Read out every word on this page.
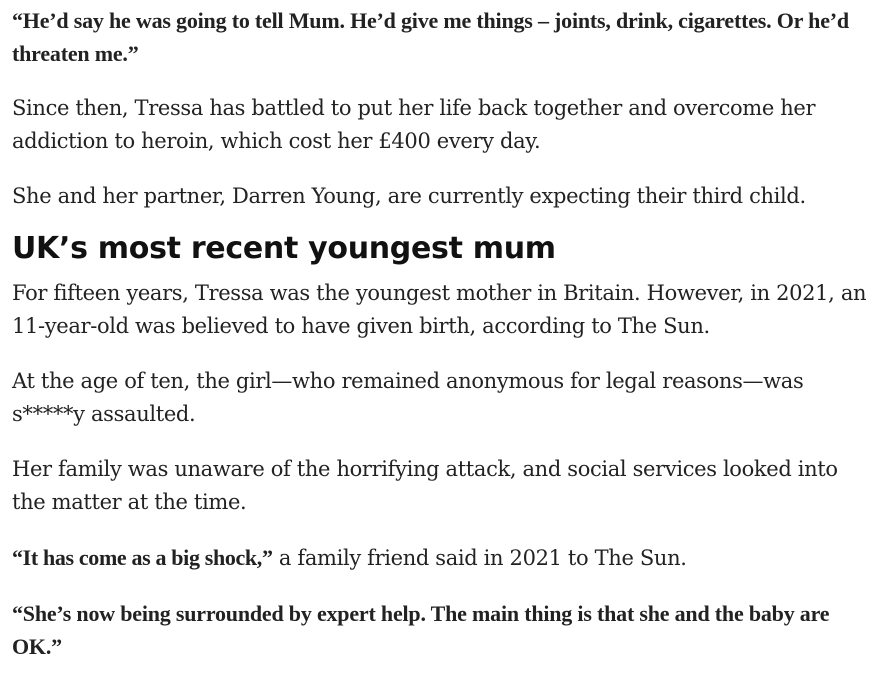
“He’d say he was going to tell Mum. He’d give me things – joints, drink, cigarettes. Or he’d threaten me.”

Since then, Tressa has battled to put her life back together and overcome her addiction to heroin, which cost her £400 every day.

She and her partner, Darren Young, are currently expecting their third child.

UK’s most recent youngest mum

For fifteen years, Tressa was the youngest mother in Britain. However, in 2021, an 11-year-old was believed to have given birth, according to The Sun.

At the age of ten, the girl—who remained anonymous for legal reasons—was s*****y assaulted.

Her family was unaware of the horrifying attack, and social services looked into the matter at the time.

“It has come as a big shock,” a family friend said in 2021 to The Sun.

“She’s now being surrounded by expert help. The main thing is that she and the baby are OK.”
